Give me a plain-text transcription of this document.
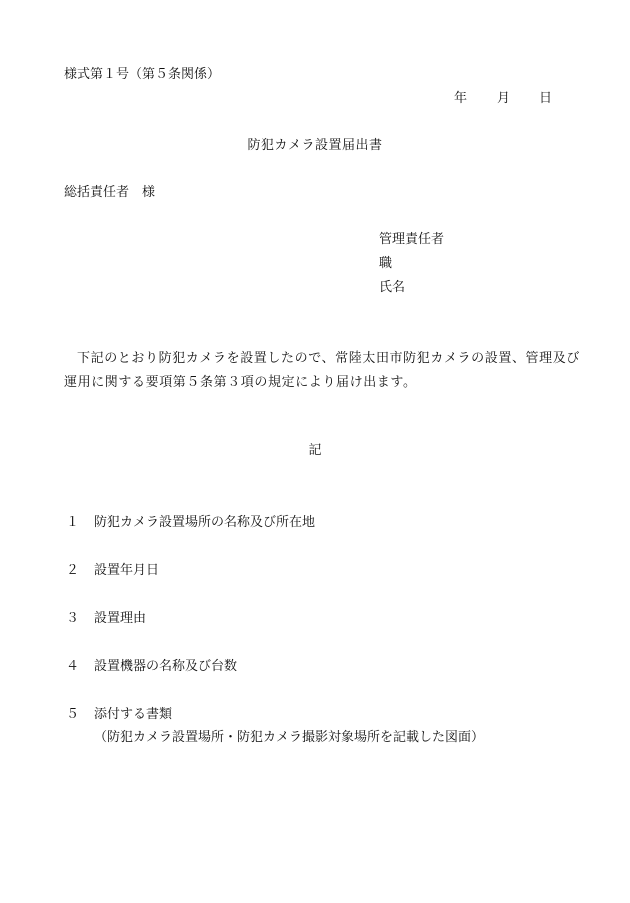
様式第１号（第５条関係）
年 月 日
防犯カメラ設置届出書
総括責任者　様
管理責任者
職
氏名
下記のとおり防犯カメラを設置したので、常陸太田市防犯カメラの設置、管理及び運用に関する要項第５条第３項の規定により届け出ます。
記
１ 防犯カメラ設置場所の名称及び所在地
２ 設置年月日
３ 設置理由
４ 設置機器の名称及び台数
５ 添付する書類
（防犯カメラ設置場所・防犯カメラ撮影対象場所を記載した図面）
